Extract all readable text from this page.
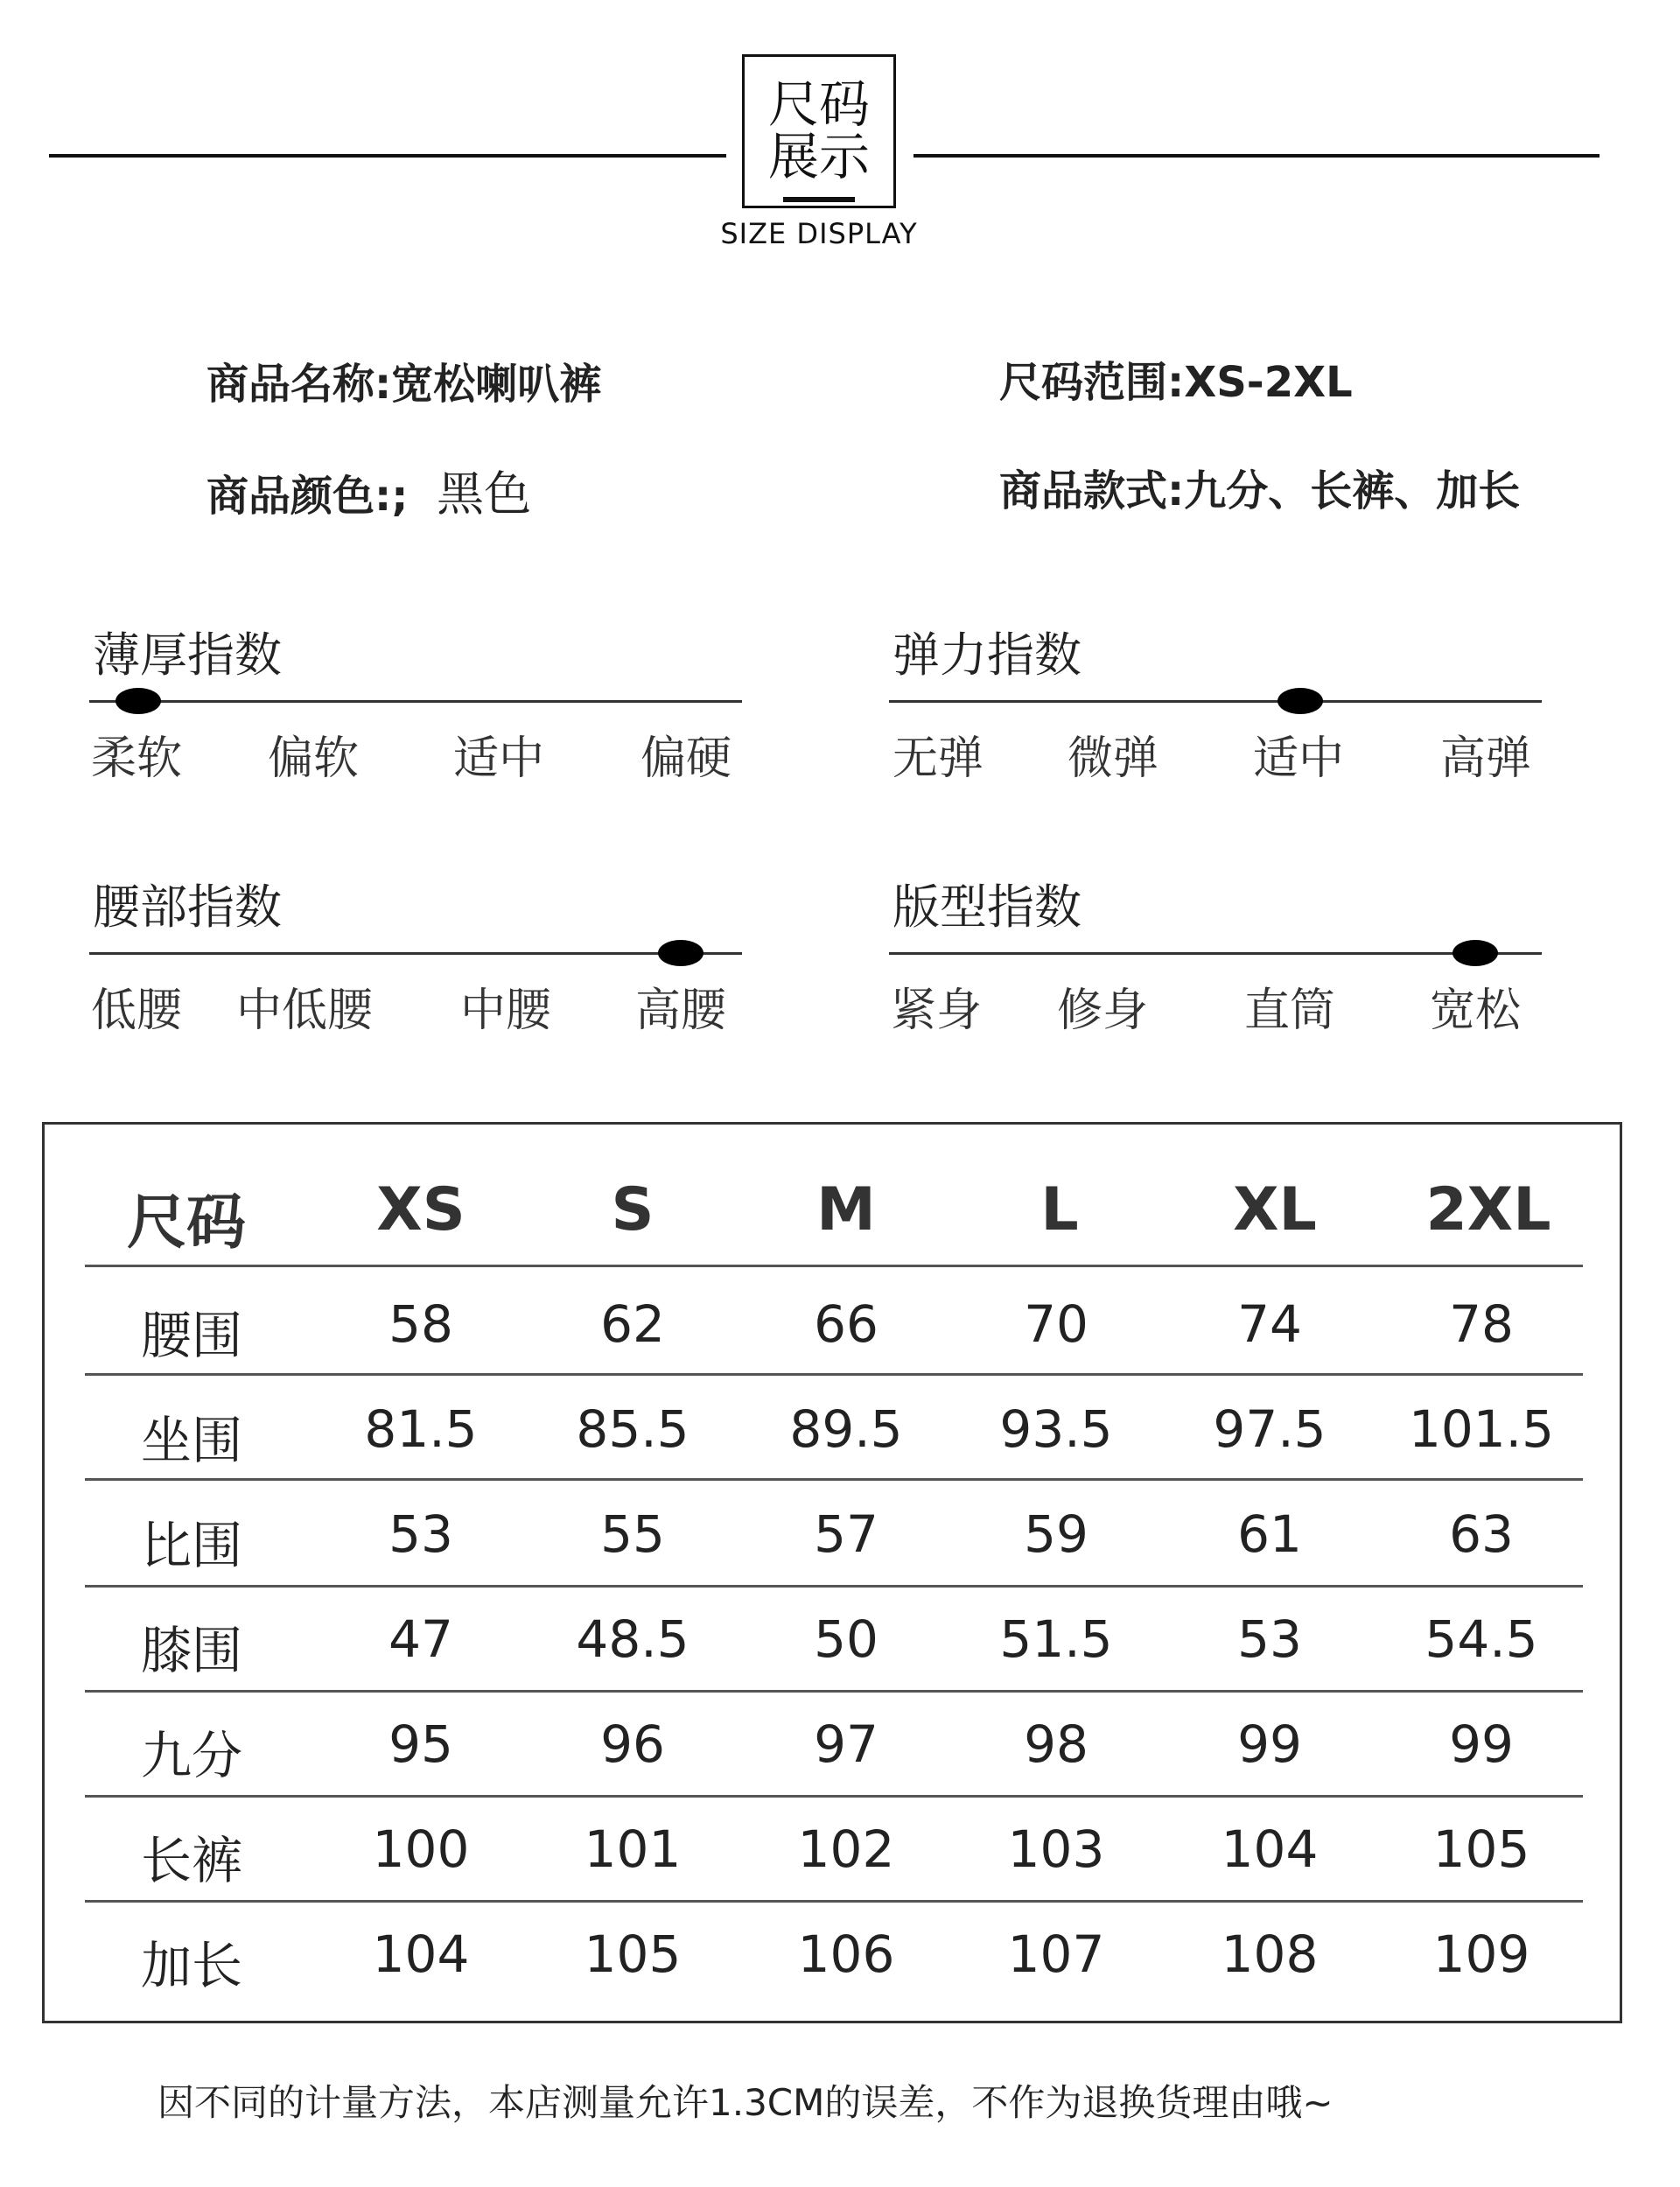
尺码
展示
SIZE DISPLAY
商品名称:宽松喇叭裤	尺码范围:XS-2XL
商品颜色:; 黑色	商品款式:九分、长裤、加长
薄厚指数
柔软 偏软 适中 偏硬
弹力指数
无弹 微弹 适中 高弹
腰部指数
低腰 中低腰 中腰 高腰
版型指数
紧身 修身 直筒 宽松
尺码 XS S	M	L	XL 2XL
腰围	58	62	66	70	74	78
坐围 81.5 85.5 89.5 93.5 97.5 101.5
比围	53	55	57	59	61	63
膝围	47 48.5 50 51.5 53 54.5
九分	95	96	97	98	99	99
长裤	100 101 102 103 104 105
加长	104 105 106 107 108 109
因不同的计量方法，本店测量允许1.3CM的误差，不作为退换货理由哦~
